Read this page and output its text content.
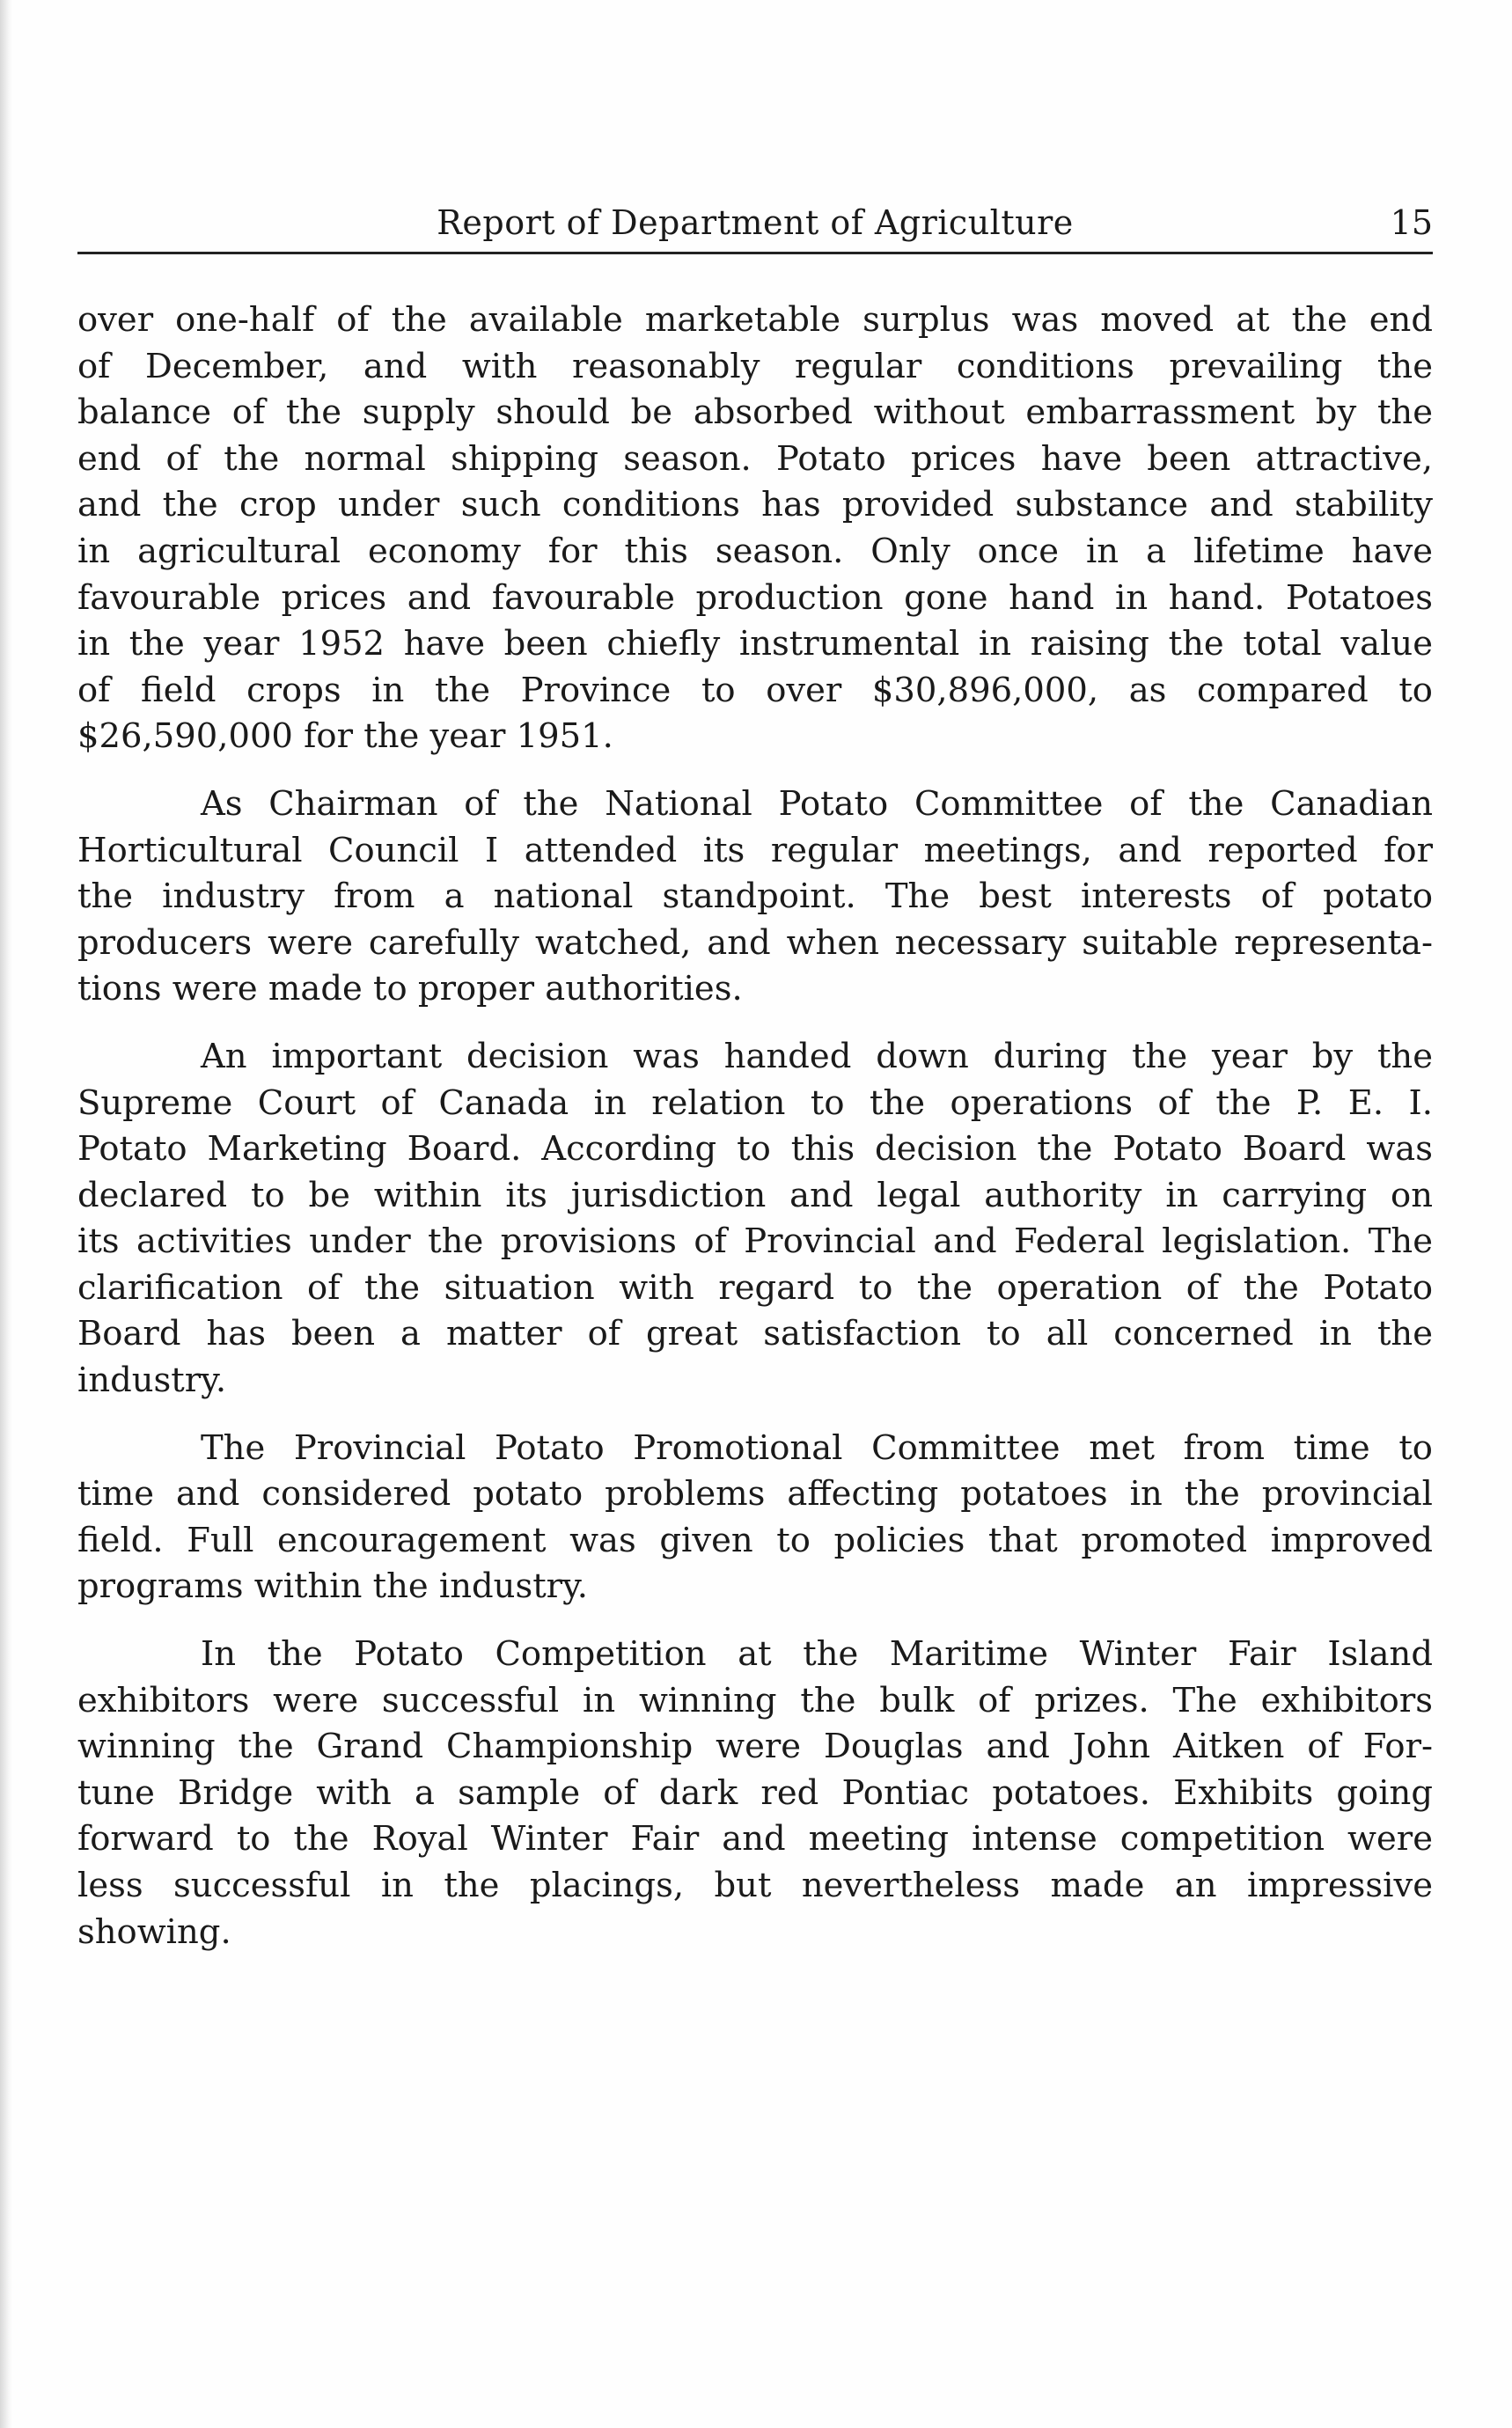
Report of Department of Agriculture	15
over one-half of the available marketable surplus was moved at the end
of December, and with reasonably regular conditions prevailing the
balance of the supply should be absorbed without embarrassment by the
end of the normal shipping season. Potato prices have been attractive,
and the crop under such conditions has provided substance and stability
in agricultural economy for this season. Only once in a lifetime have
favourable prices and favourable production gone hand in hand. Potatoes
in the year 1952 have been chiefly instrumental in raising the total value
of field crops in the Province to over $30,896,000, as compared to
$26,590,000 for the year 1951.
As Chairman of the National Potato Committee of the Canadian
Horticultural Council I attended its regular meetings, and reported for
the industry from a national standpoint. The best interests of potato
producers were carefully watched, and when necessary suitable representa-
tions were made to proper authorities.
An important decision was handed down during the year by the
Supreme Court of Canada in relation to the operations of the P. E. I.
Potato Marketing Board. According to this decision the Potato Board was
declared to be within its jurisdiction and legal authority in carrying on
its activities under the provisions of Provincial and Federal legislation. The
clarification of the situation with regard to the operation of the Potato
Board has been a matter of great satisfaction to all concerned in the
industry.
The Provincial Potato Promotional Committee met from time to
time and considered potato problems affecting potatoes in the provincial
field. Full encouragement was given to policies that promoted improved
programs within the industry.
In the Potato Competition at the Maritime Winter Fair Island
exhibitors were successful in winning the bulk of prizes. The exhibitors
winning the Grand Championship were Douglas and John Aitken of For-
tune Bridge with a sample of dark red Pontiac potatoes. Exhibits going
forward to the Royal Winter Fair and meeting intense competition were
less successful in the placings, but nevertheless made an impressive
showing.
